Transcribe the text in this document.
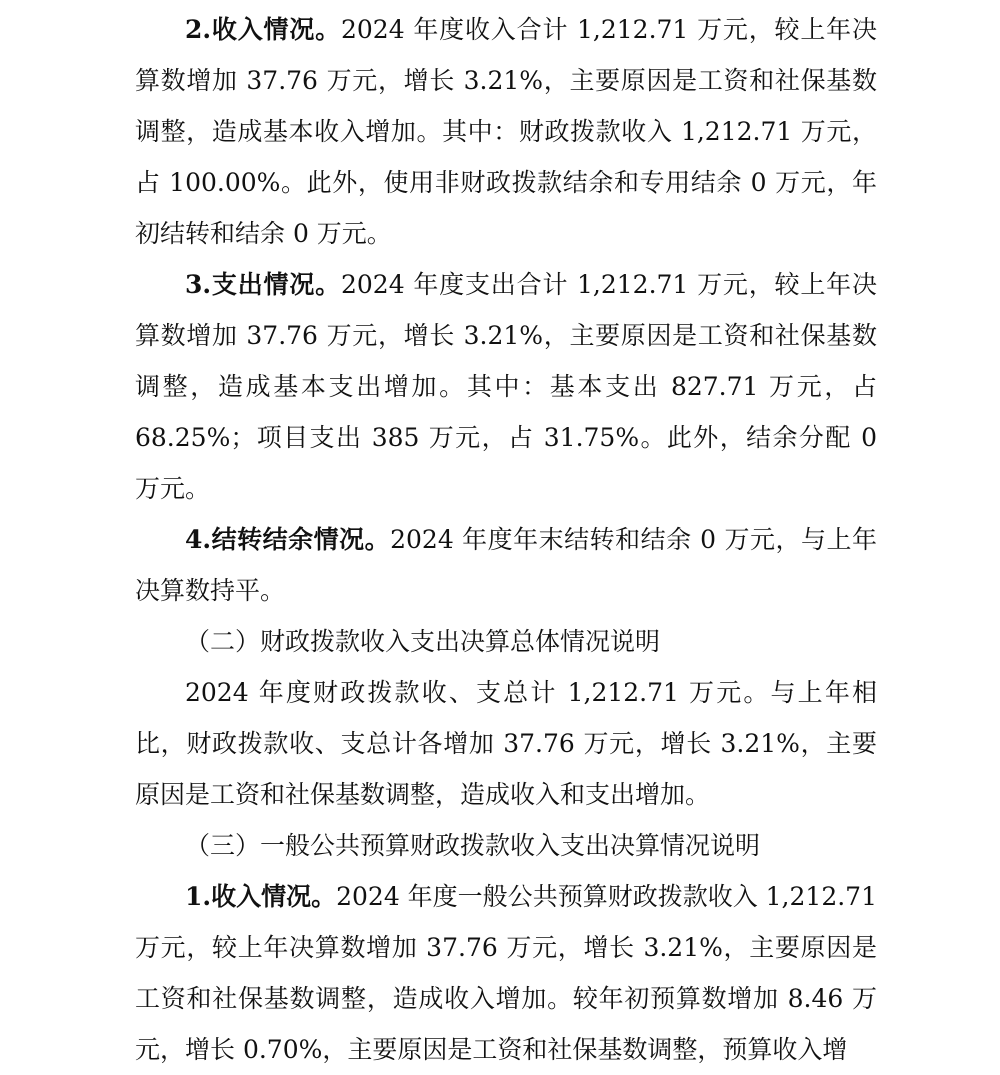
2.收入情况。2024 年度收入合计 1,212.71 万元，较上年决算数增加 37.76 万元，增长 3.21%，主要原因是工资和社保基数调整，造成基本收入增加。其中：财政拨款收入 1,212.71 万元，占 100.00%。此外，使用非财政拨款结余和专用结余 0 万元，年初结转和结余 0 万元。

3.支出情况。2024 年度支出合计 1,212.71 万元，较上年决算数增加 37.76 万元，增长 3.21%，主要原因是工资和社保基数调整，造成基本支出增加。其中：基本支出 827.71 万元，占 68.25%；项目支出 385 万元，占 31.75%。此外，结余分配 0 万元。

4.结转结余情况。2024 年度年末结转和结余 0 万元，与上年决算数持平。

（二）财政拨款收入支出决算总体情况说明

2024 年度财政拨款收、支总计 1,212.71 万元。与上年相比，财政拨款收、支总计各增加 37.76 万元，增长 3.21%，主要原因是工资和社保基数调整，造成收入和支出增加。

（三）一般公共预算财政拨款收入支出决算情况说明

1.收入情况。2024 年度一般公共预算财政拨款收入 1,212.71 万元，较上年决算数增加 37.76 万元，增长 3.21%，主要原因是工资和社保基数调整，造成收入增加。较年初预算数增加 8.46 万元，增长 0.70%，主要原因是工资和社保基数调整，预算收入增
